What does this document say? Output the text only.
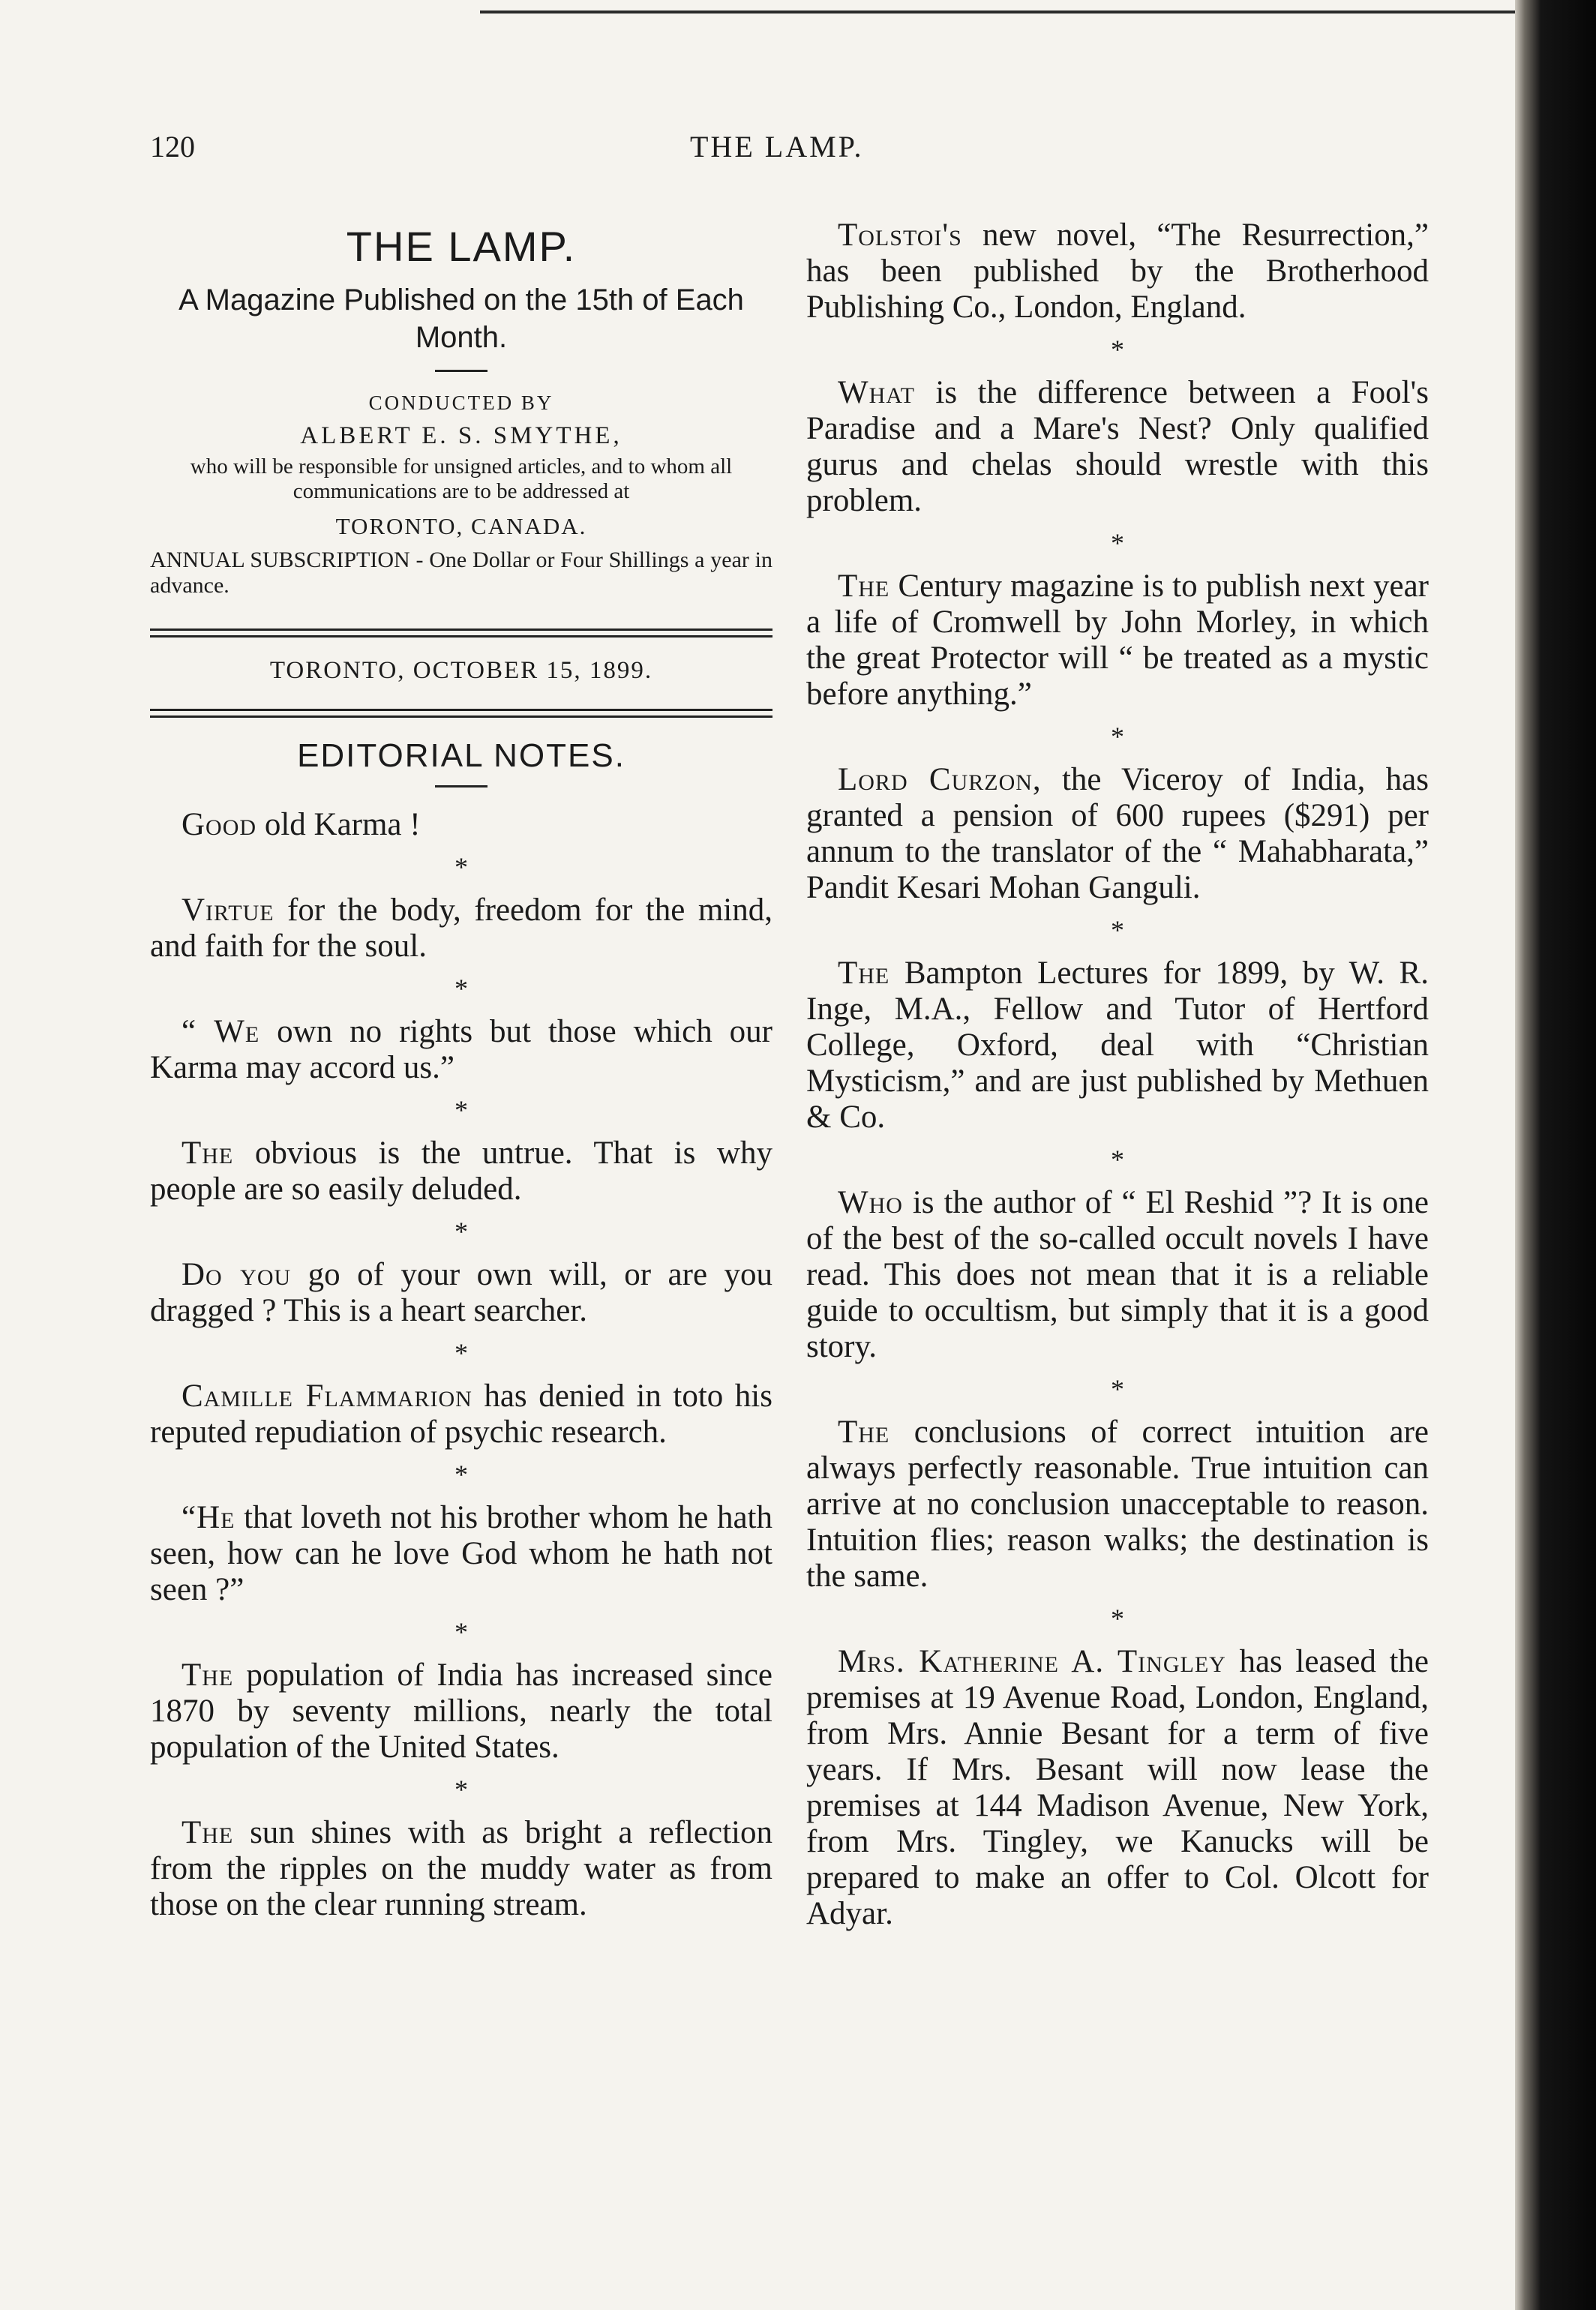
120	THE LAMP.
THE LAMP.
A Magazine Published on the 15th of Each Month.
CONDUCTED BY
ALBERT E. S. SMYTHE,
who will be responsible for unsigned articles, and to whom all communications are to be addressed at
TORONTO, CANADA.
ANNUAL SUBSCRIPTION - One Dollar or Four Shillings a year in advance.
TORONTO, OCTOBER 15, 1899.
EDITORIAL NOTES.

Good old Karma !

*

Virtue for the body, freedom for the mind, and faith for the soul.

*

“ We own no rights but those which our Karma may accord us.”

*

The obvious is the untrue. That is why people are so easily deluded.

*

Do you go of your own will, or are you dragged ? This is a heart searcher.

*

Camille Flammarion has denied in toto his reputed repudiation of psychic research.

*

“He that loveth not his brother whom he hath seen, how can he love God whom he hath not seen ?”

*

The population of India has increased since 1870 by seventy millions, nearly the total population of the United States.

*

The sun shines with as bright a reflection from the ripples on the muddy water as from those on the clear running stream.

Tolstoi's new novel, “The Resurrection,” has been published by the Brotherhood Publishing Co., London, England.

*

What is the difference between a Fool's Paradise and a Mare's Nest? Only qualified gurus and chelas should wrestle with this problem.

*

The Century magazine is to publish next year a life of Cromwell by John Morley, in which the great Protector will “ be treated as a mystic before anything.”

*

Lord Curzon, the Viceroy of India, has granted a pension of 600 rupees ($291) per annum to the translator of the “ Mahabharata,” Pandit Kesari Mohan Ganguli.

*

The Bampton Lectures for 1899, by W. R. Inge, M.A., Fellow and Tutor of Hertford College, Oxford, deal with “Christian Mysticism,” and are just published by Methuen & Co.

*

Who is the author of “ El Reshid ”? It is one of the best of the so-called occult novels I have read. This does not mean that it is a reliable guide to occultism, but simply that it is a good story.

*

The conclusions of correct intuition are always perfectly reasonable. True intuition can arrive at no conclusion unacceptable to reason. Intuition flies; reason walks; the destination is the same.

*

Mrs. Katherine A. Tingley has leased the premises at 19 Avenue Road, London, England, from Mrs. Annie Besant for a term of five years. If Mrs. Besant will now lease the premises at 144 Madison Avenue, New York, from Mrs. Tingley, we Kanucks will be prepared to make an offer to Col. Olcott for Adyar.
